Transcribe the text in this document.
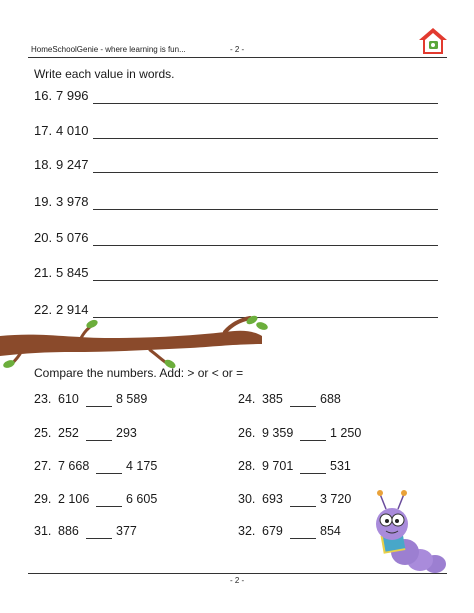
HomeSchoolGenie - where learning is fun...	- 2 -
Write each value in words.
16. 7 996
17. 4 010
18. 9 247
19. 3 978
20. 5 076
21. 5 845
22. 2 914
Compare the numbers. Add: > or < or =
23. 610	8 589	24. 385	688
25. 252	293	26. 9 359	1 250
27. 7 668	4 175	28. 9 701	531
29. 2 106	6 605	30. 693	3 720
31. 886	377	32. 679	854
- 2 -
